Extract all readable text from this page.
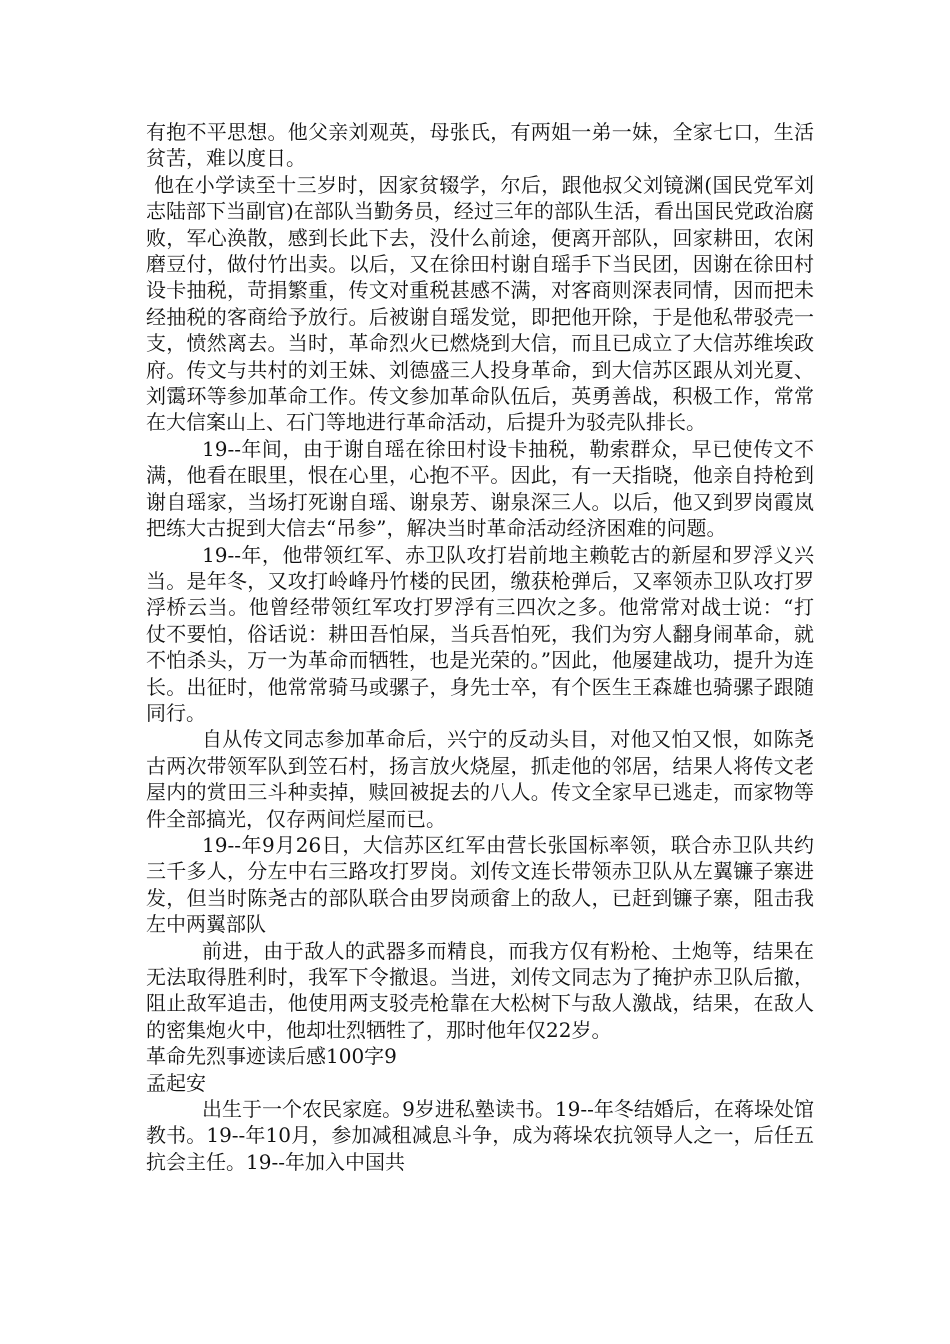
有抱不平思想。他父亲刘观英，母张氏，有两姐一弟一妹，全家七口，生活贫苦，难以度日。

他在小学读至十三岁时，因家贫辍学，尔后，跟他叔父刘镜渊(国民党军刘志陆部下当副官)在部队当勤务员，经过三年的部队生活，看出国民党政治腐败，军心涣散，感到长此下去，没什么前途，便离开部队，回家耕田，农闲磨豆付，做付竹出卖。以后，又在徐田村谢自瑶手下当民团，因谢在徐田村设卡抽税，苛捐繁重，传文对重税甚感不满，对客商则深表同情，因而把未经抽税的客商给予放行。后被谢自瑶发觉，即把他开除，于是他私带驳壳一支，愤然离去。当时，革命烈火已燃烧到大信，而且已成立了大信苏维埃政府。传文与共村的刘王妹、刘德盛三人投身革命，到大信苏区跟从刘光夏、刘霭环等参加革命工作。传文参加革命队伍后，英勇善战，积极工作，常常在大信案山上、石门等地进行革命活动，后提升为驳壳队排长。

19--年间，由于谢自瑶在徐田村设卡抽税，勒索群众，早已使传文不满，他看在眼里，恨在心里，心抱不平。因此，有一天指晓，他亲自持枪到谢自瑶家，当场打死谢自瑶、谢泉芳、谢泉深三人。以后，他又到罗岗霞岚把练大古捉到大信去“吊参”，解决当时革命活动经济困难的问题。

19--年，他带领红军、赤卫队攻打岩前地主赖乾古的新屋和罗浮义兴当。是年冬，又攻打岭峰丹竹楼的民团，缴获枪弹后，又率领赤卫队攻打罗浮桥云当。他曾经带领红军攻打罗浮有三四次之多。他常常对战士说：“打仗不要怕，俗话说：耕田吾怕屎，当兵吾怕死，我们为穷人翻身闹革命，就不怕杀头，万一为革命而牺牲，也是光荣的。”因此，他屡建战功，提升为连长。出征时，他常常骑马或骡子，身先士卒，有个医生王森雄也骑骡子跟随同行。

自从传文同志参加革命后，兴宁的反动头目，对他又怕又恨，如陈尧古两次带领军队到笠石村，扬言放火烧屋，抓走他的邻居，结果人将传文老屋内的赏田三斗种卖掉，赎回被捉去的八人。传文全家早已逃走，而家物等件全部搞光，仅存两间烂屋而已。

19--年9月26日，大信苏区红军由营长张国标率领，联合赤卫队共约三千多人，分左中右三路攻打罗岗。刘传文连长带领赤卫队从左翼镰子寨进发，但当时陈尧古的部队联合由罗岗顽畲上的敌人，已赶到镰子寨，阻击我左中两翼部队

前进，由于敌人的武器多而精良，而我方仅有粉枪、土炮等，结果在无法取得胜利时，我军下令撤退。当进，刘传文同志为了掩护赤卫队后撤，阻止敌军追击，他使用两支驳壳枪靠在大松树下与敌人激战，结果，在敌人的密集炮火中，他却壮烈牺牲了，那时他年仅22岁。

革命先烈事迹读后感100字9

孟起安

出生于一个农民家庭。9岁进私塾读书。19--年冬结婚后，在蒋垛处馆教书。19--年10月，参加减租减息斗争，成为蒋垛农抗领导人之一，后任五抗会主任。19--年加入中国共
